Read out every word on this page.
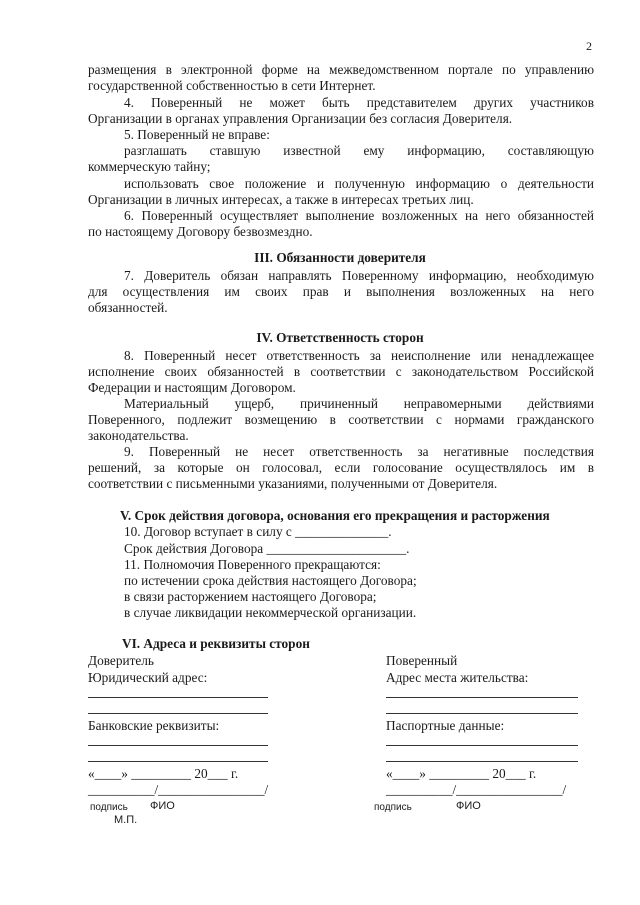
2
размещения в электронной форме на межведомственном портале по управлению
государственной собственностью в сети Интернет.
4. Поверенный не может быть представителем других участников
Организации в органах управления Организации без согласия Доверителя.
5. Поверенный не вправе:
разглашать ставшую известной ему информацию, составляющую
коммерческую тайну;
использовать свое положение и полученную информацию о деятельности
Организации в личных интересах, а также в интересах третьих лиц.
6. Поверенный осуществляет выполнение возложенных на него обязанностей
по настоящему Договору безвозмездно.
III. Обязанности доверителя
7. Доверитель обязан направлять Поверенному информацию, необходимую
для осуществления им своих прав и выполнения возложенных на него
обязанностей.
IV. Ответственность сторон
8. Поверенный несет ответственность за неисполнение или ненадлежащее
исполнение своих обязанностей в соответствии с законодательством Российской
Федерации и настоящим Договором.
Материальный ущерб, причиненный неправомерными действиями
Поверенного, подлежит возмещению в соответствии с нормами гражданского
законодательства.
9. Поверенный не несет ответственность за негативные последствия
решений, за которые он голосовал, если голосование осуществлялось им в
соответствии с письменными указаниями, полученными от Доверителя.
V. Срок действия договора, основания его прекращения и расторжения
10. Договор вступает в силу с ______________.
Срок действия Договора _____________________.
11. Полномочия Поверенного прекращаются:
по истечении срока действия настоящего Договора;
в связи расторжением настоящего Договора;
в случае ликвидации некоммерческой организации.
VI. Адреса и реквизиты сторон
Доверитель
Юридический адрес:
Банковские реквизиты:
«____» _________ 20___ г.
__________/________________/
подпись ФИО
М.П.
Поверенный
Адрес места жительства:
Паспортные данные:
«____» _________ 20___ г.
__________/________________/
подпись	ФИО
